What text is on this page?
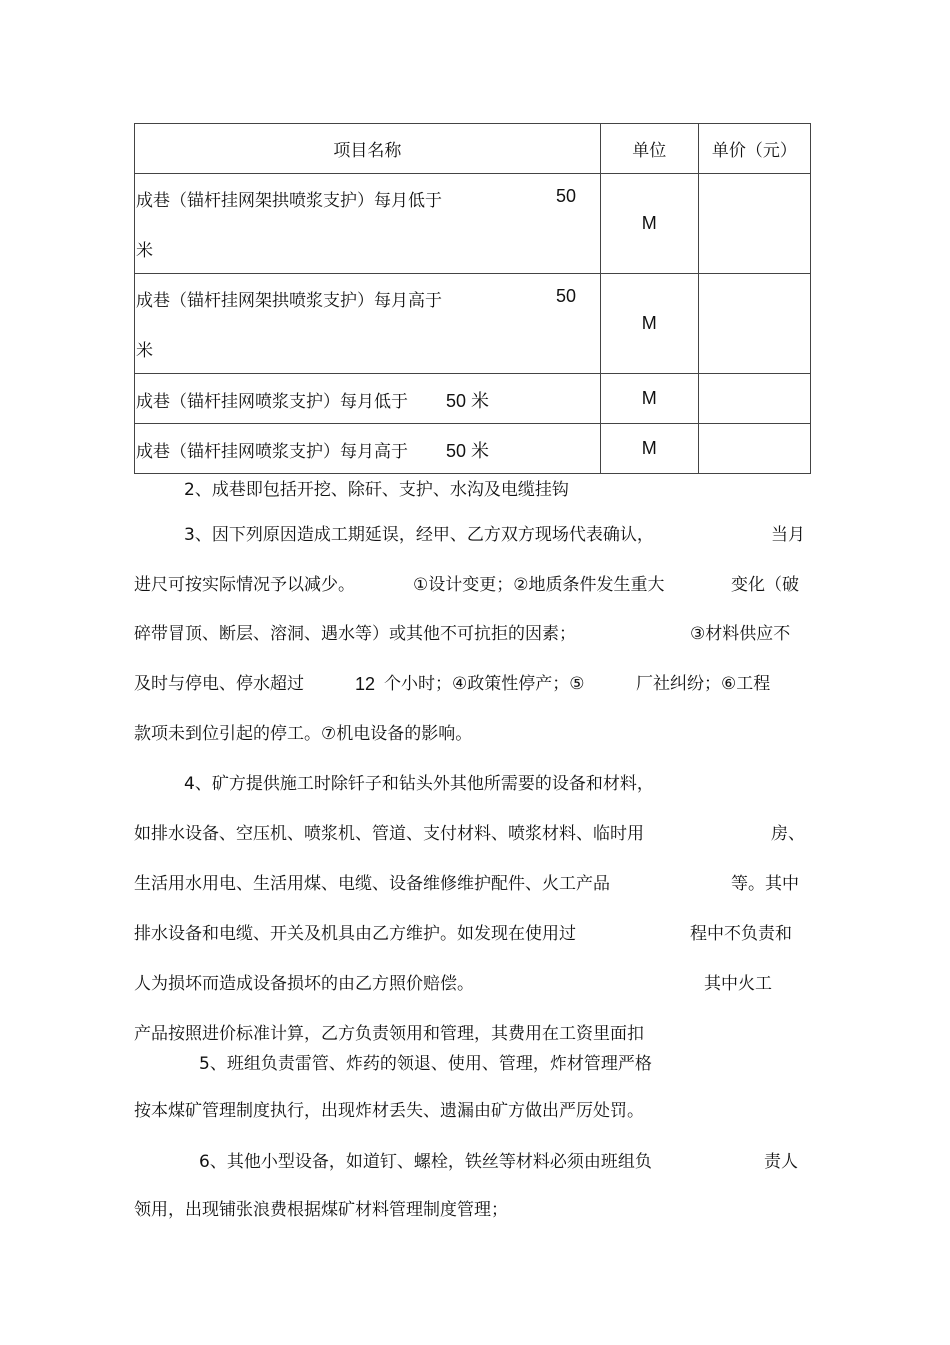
项目名称	单位	单价（元）

成巷（锚杆挂网架拱喷浆支护）每月低于 50
米	M	

成巷（锚杆挂网架拱喷浆支护）每月高于 50
米	M	

成巷（锚杆挂网喷浆支护）每月低于 50 米	M	

成巷（锚杆挂网喷浆支护）每月高于 50 米	M	
2、成巷即包括开挖、除矸、支护、水沟及电缆挂钩
3、因下列原因造成工期延误，经甲、乙方双方现场代表确认，	当月
进尺可按实际情况予以减少。	①设计变更；②地质条件发生重大	变化（破
碎带冒顶、断层、溶洞、遇水等）或其他不可抗拒的因素；	③材料供应不
及时与停电、停水超过	12 个小时；④政策性停产；⑤	厂社纠纷；⑥工程
款项未到位引起的停工。⑦机电设备的影响。
4、矿方提供施工时除钎子和钻头外其他所需要的设备和材料，
如排水设备、空压机、喷浆机、管道、支付材料、喷浆材料、临时用	房、
生活用水用电、生活用煤、电缆、设备维修维护配件、火工产品	等。其中
排水设备和电缆、开关及机具由乙方维护。如发现在使用过	程中不负责和
人为损坏而造成设备损坏的由乙方照价赔偿。	其中火工
产品按照进价标准计算，乙方负责领用和管理，其费用在工资里面扣
5、班组负责雷管、炸药的领退、使用、管理，炸材管理严格
按本煤矿管理制度执行，出现炸材丢失、遗漏由矿方做出严厉处罚。
6、其他小型设备，如道钉、螺栓，铁丝等材料必须由班组负	责人
领用，出现铺张浪费根据煤矿材料管理制度管理；
